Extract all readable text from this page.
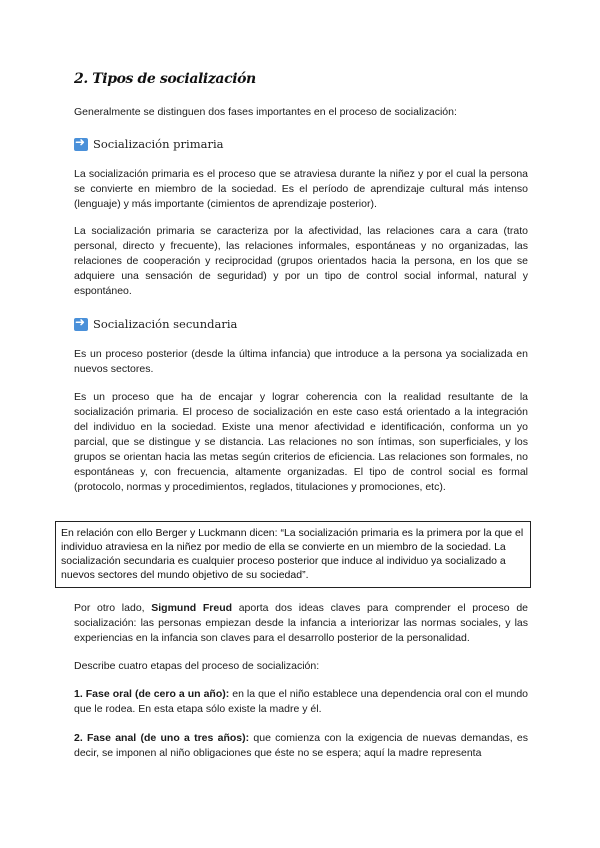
2. Tipos de socialización

Generalmente se distinguen dos fases importantes en el proceso de socialización:

➜
Socialización primaria

La socialización primaria es el proceso que se atraviesa durante la niñez y por el cual la persona se convierte en miembro de la sociedad. Es el período de aprendizaje cultural más intenso (lenguaje) y más importante (cimientos de aprendizaje posterior).

La socialización primaria se caracteriza por la afectividad, las relaciones cara a cara (trato personal, directo y frecuente), las relaciones informales, espontáneas y no organizadas, las relaciones de cooperación y reciprocidad (grupos orientados hacia la persona, en los que se adquiere una sensación de seguridad) y por un tipo de control social informal, natural y espontáneo.

➜
Socialización secundaria

Es un proceso posterior (desde la última infancia) que introduce a la persona ya socializada en nuevos sectores.

Es un proceso que ha de encajar y lograr coherencia con la realidad resultante de la socialización primaria. El proceso de socialización en este caso está orientado a la integración del individuo en la sociedad. Existe una menor afectividad e identificación, conforma un yo parcial, que se distingue y se distancia. Las relaciones no son íntimas, son superficiales, y los grupos se orientan hacia las metas según criterios de eficiencia. Las relaciones son formales, no espontáneas y, con frecuencia, altamente organizadas. El tipo de control social es formal (protocolo, normas y procedimientos, reglados, titulaciones y promociones, etc).

En relación con ello Berger y Luckmann dicen: “La socialización primaria es la primera por la que el individuo atraviesa en la niñez por medio de ella se convierte en un miembro de la sociedad. La socialización secundaria es cualquier proceso posterior que induce al individuo ya socializado a nuevos sectores del mundo objetivo de su sociedad”.

Por otro lado, Sigmund Freud aporta dos ideas claves para comprender el proceso de socialización: las personas empiezan desde la infancia a interiorizar las normas sociales, y las experiencias en la infancia son claves para el desarrollo posterior de la personalidad.

Describe cuatro etapas del proceso de socialización:

1. Fase oral (de cero a un año): en la que el niño establece una dependencia oral con el mundo que le rodea. En esta etapa sólo existe la madre y él.

2. Fase anal (de uno a tres años): que comienza con la exigencia de nuevas demandas, es decir, se imponen al niño obligaciones que éste no se espera; aquí la madre representa
